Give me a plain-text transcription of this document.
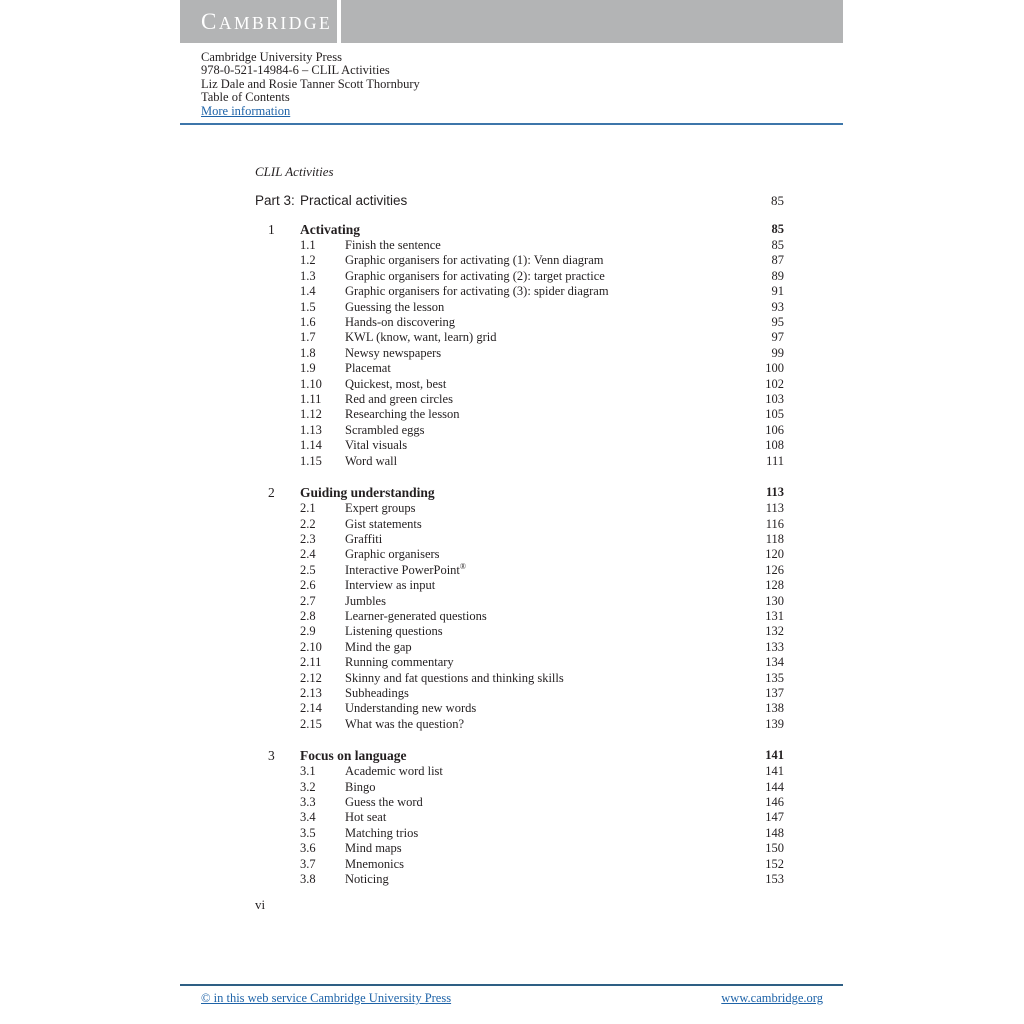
CAMBRIDGE
Cambridge University Press
978-0-521-14984-6 – CLIL Activities
Liz Dale and Rosie Tanner Scott Thornbury
Table of Contents
More information
CLIL Activities
Part 3: Practical activities	85
1	Activating	85
1.1	Finish the sentence	85
1.2	Graphic organisers for activating (1): Venn diagram	87
1.3	Graphic organisers for activating (2): target practice	89
1.4	Graphic organisers for activating (3): spider diagram	91
1.5	Guessing the lesson	93
1.6	Hands-on discovering	95
1.7	KWL (know, want, learn) grid	97
1.8	Newsy newspapers	99
1.9	Placemat	100
1.10	Quickest, most, best	102
1.11	Red and green circles	103
1.12	Researching the lesson	105
1.13	Scrambled eggs	106
1.14	Vital visuals	108
1.15	Word wall	111
2	Guiding understanding	113
2.1	Expert groups	113
2.2	Gist statements	116
2.3	Graffiti	118
2.4	Graphic organisers	120
2.5	Interactive PowerPoint®	126
2.6	Interview as input	128
2.7	Jumbles	130
2.8	Learner-generated questions	131
2.9	Listening questions	132
2.10	Mind the gap	133
2.11	Running commentary	134
2.12	Skinny and fat questions and thinking skills	135
2.13	Subheadings	137
2.14	Understanding new words	138
2.15	What was the question?	139
3	Focus on language	141
3.1	Academic word list	141
3.2	Bingo	144
3.3	Guess the word	146
3.4	Hot seat	147
3.5	Matching trios	148
3.6	Mind maps	150
3.7	Mnemonics	152
3.8	Noticing	153
vi
© in this web service Cambridge University Press	www.cambridge.org
